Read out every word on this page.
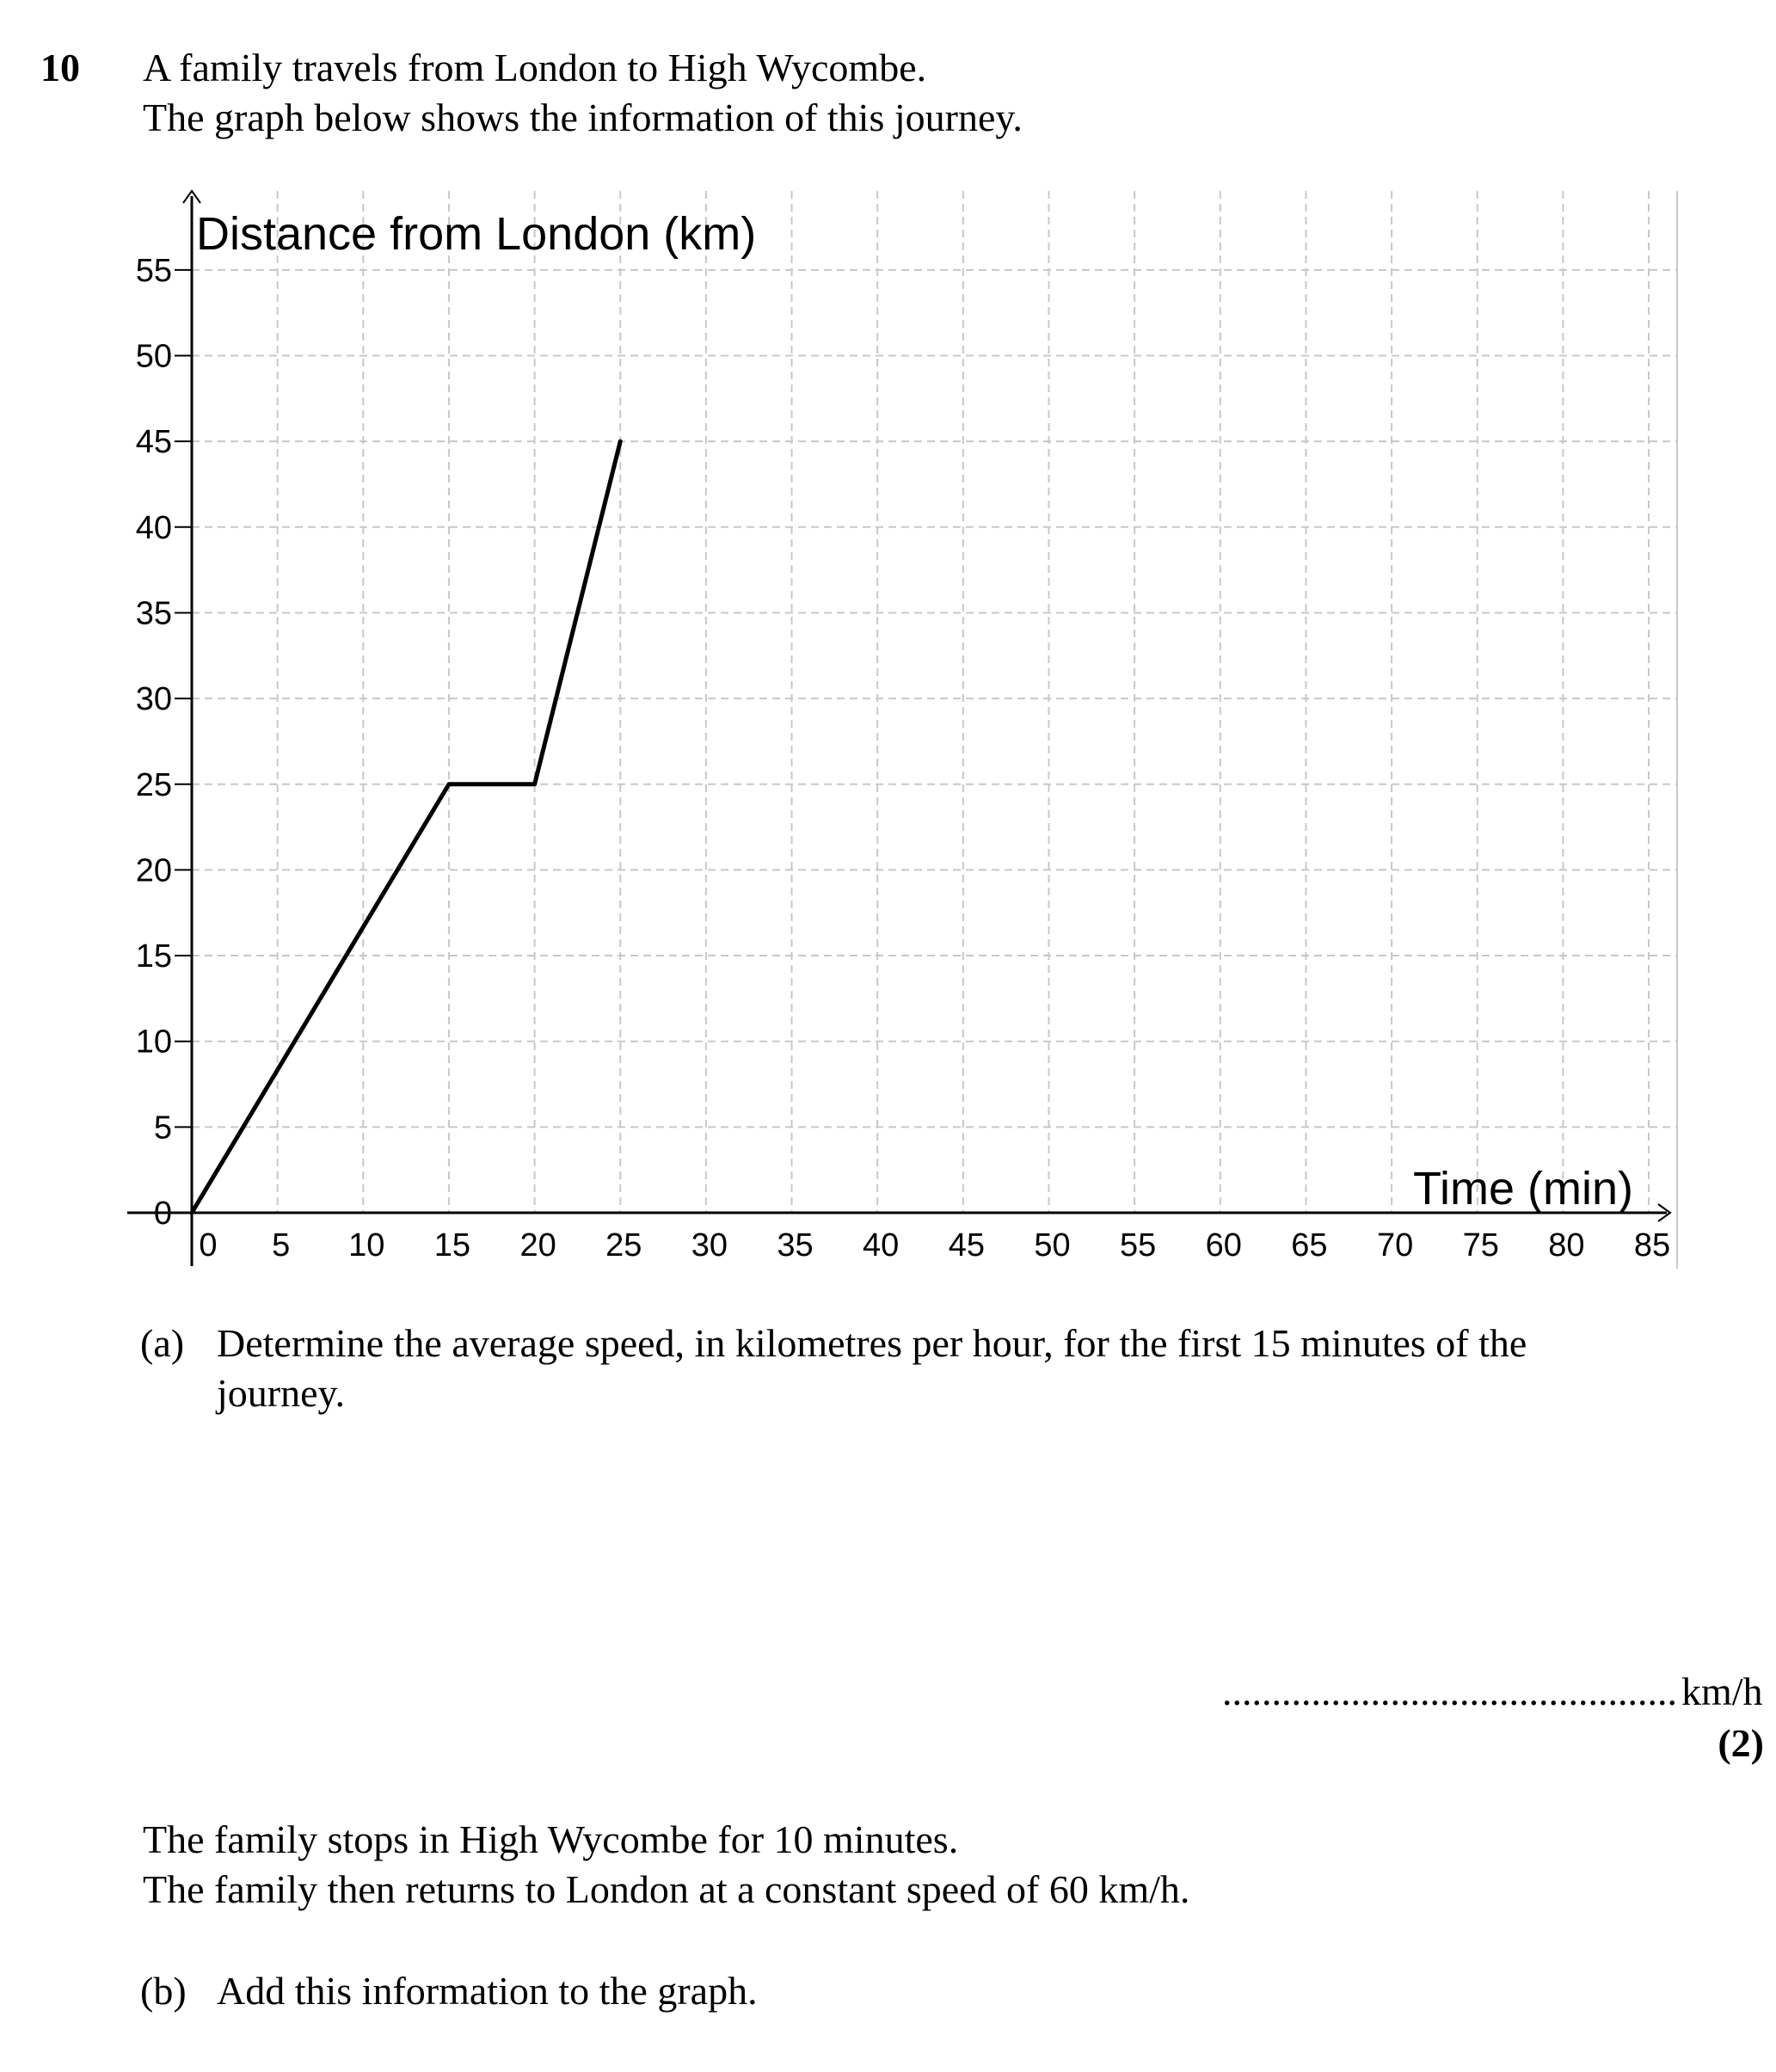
10 A family travels from London to High Wycombe.
The graph below shows the information of this journey.
0
5
10
15
20
25
30
35
40
45
50
55
0 5 10 15 20 25 30 35 40 45 50 55 60 65 70 75 80 85
Distance from London (km)
Time (min)
(a) Determine the average speed, in kilometres per hour, for the first 15 minutes of the
journey.
.............................................. km/h
(2)
The family stops in High Wycombe for 10 minutes.
The family then returns to London at a constant speed of 60 km/h.
(b) Add this information to the graph.
